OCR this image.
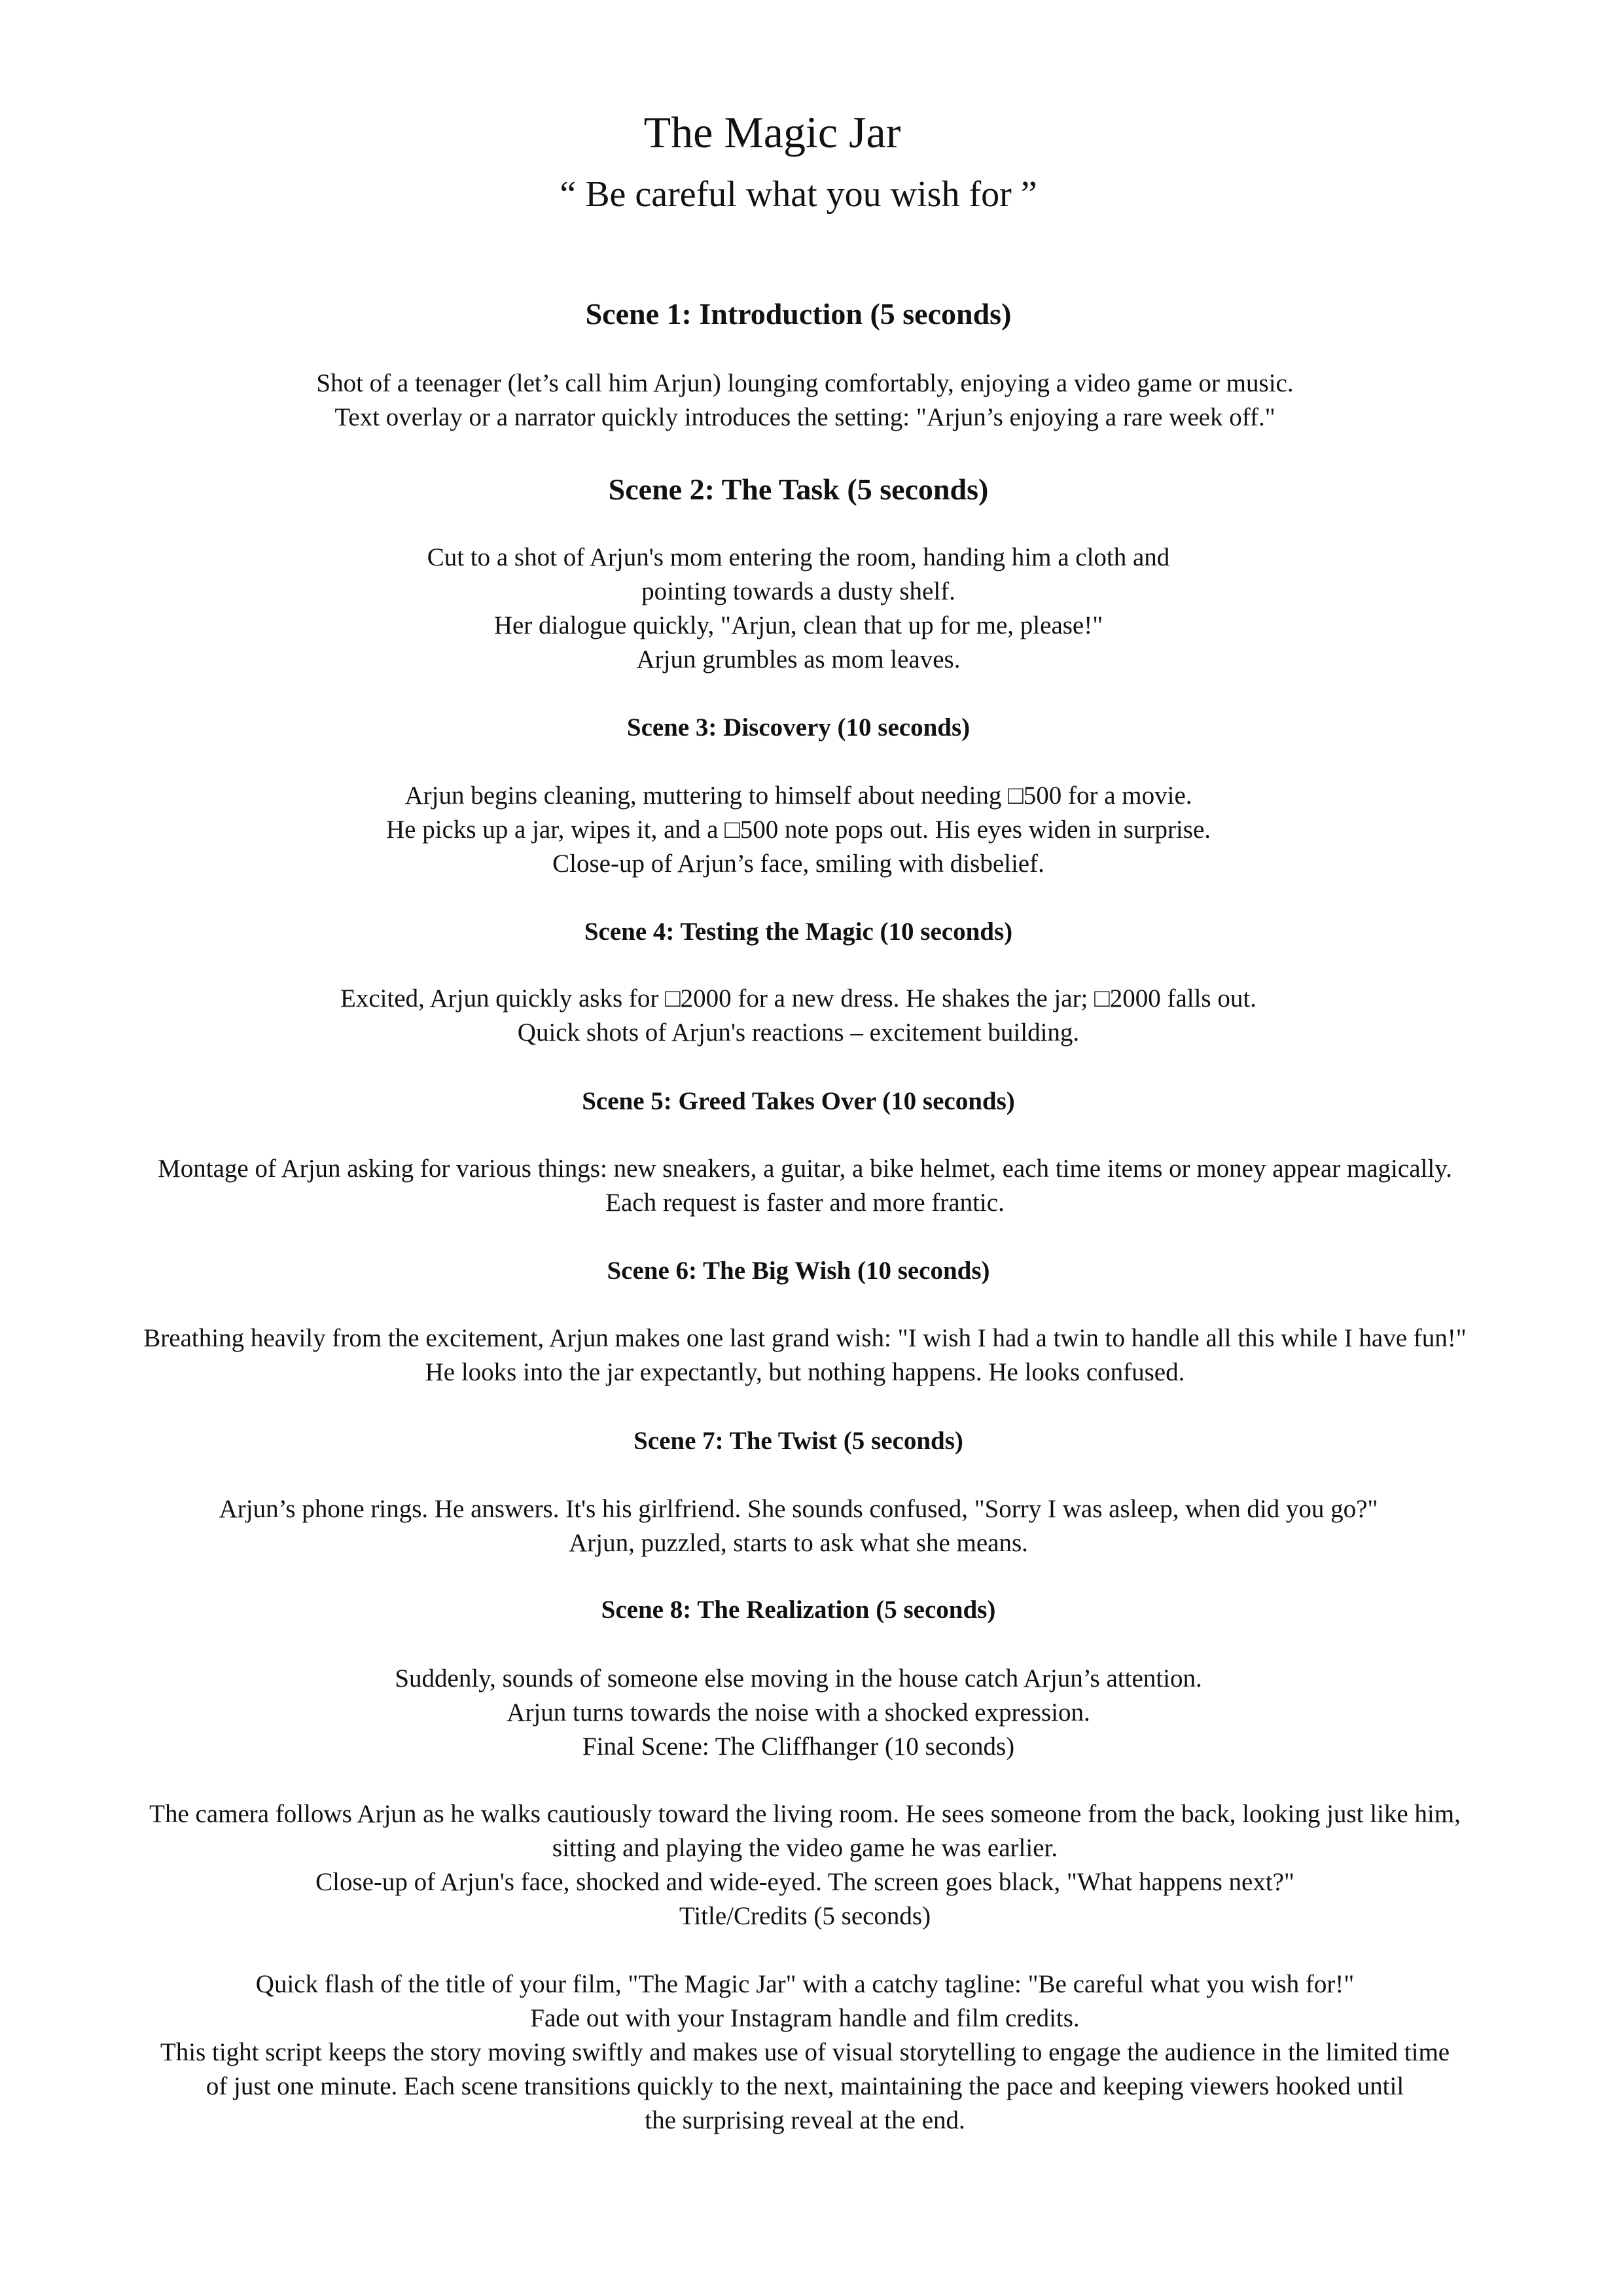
The Magic Jar

“ Be careful what you wish for ”

Scene 1: Introduction (5 seconds)
Shot of a teenager (let’s call him Arjun) lounging comfortably, enjoying a video game or music.
Text overlay or a narrator quickly introduces the setting: "Arjun’s enjoying a rare week off."
Scene 2: The Task (5 seconds)
Cut to a shot of Arjun's mom entering the room, handing him a cloth and
pointing towards a dusty shelf.
Her dialogue quickly, "Arjun, clean that up for me, please!"
Arjun grumbles as mom leaves.
Scene 3: Discovery (10 seconds)
Arjun begins cleaning, muttering to himself about needing □500 for a movie.
He picks up a jar, wipes it, and a □500 note pops out. His eyes widen in surprise.
Close-up of Arjun’s face, smiling with disbelief.
Scene 4: Testing the Magic (10 seconds)
Excited, Arjun quickly asks for □2000 for a new dress. He shakes the jar; □2000 falls out.
Quick shots of Arjun's reactions – excitement building.
Scene 5: Greed Takes Over (10 seconds)
Montage of Arjun asking for various things: new sneakers, a guitar, a bike helmet, each time items or money appear magically.
Each request is faster and more frantic.
Scene 6: The Big Wish (10 seconds)
Breathing heavily from the excitement, Arjun makes one last grand wish: "I wish I had a twin to handle all this while I have fun!"
He looks into the jar expectantly, but nothing happens. He looks confused.
Scene 7: The Twist (5 seconds)
Arjun’s phone rings. He answers. It's his girlfriend. She sounds confused, "Sorry I was asleep, when did you go?"
Arjun, puzzled, starts to ask what she means.
Scene 8: The Realization (5 seconds)
Suddenly, sounds of someone else moving in the house catch Arjun’s attention.
Arjun turns towards the noise with a shocked expression.
Final Scene: The Cliffhanger (10 seconds)
The camera follows Arjun as he walks cautiously toward the living room. He sees someone from the back, looking just like him,
sitting and playing the video game he was earlier.
Close-up of Arjun's face, shocked and wide-eyed. The screen goes black, "What happens next?"
Title/Credits (5 seconds)
Quick flash of the title of your film, "The Magic Jar" with a catchy tagline: "Be careful what you wish for!"
Fade out with your Instagram handle and film credits.
This tight script keeps the story moving swiftly and makes use of visual storytelling to engage the audience in the limited time
of just one minute. Each scene transitions quickly to the next, maintaining the pace and keeping viewers hooked until
the surprising reveal at the end.
